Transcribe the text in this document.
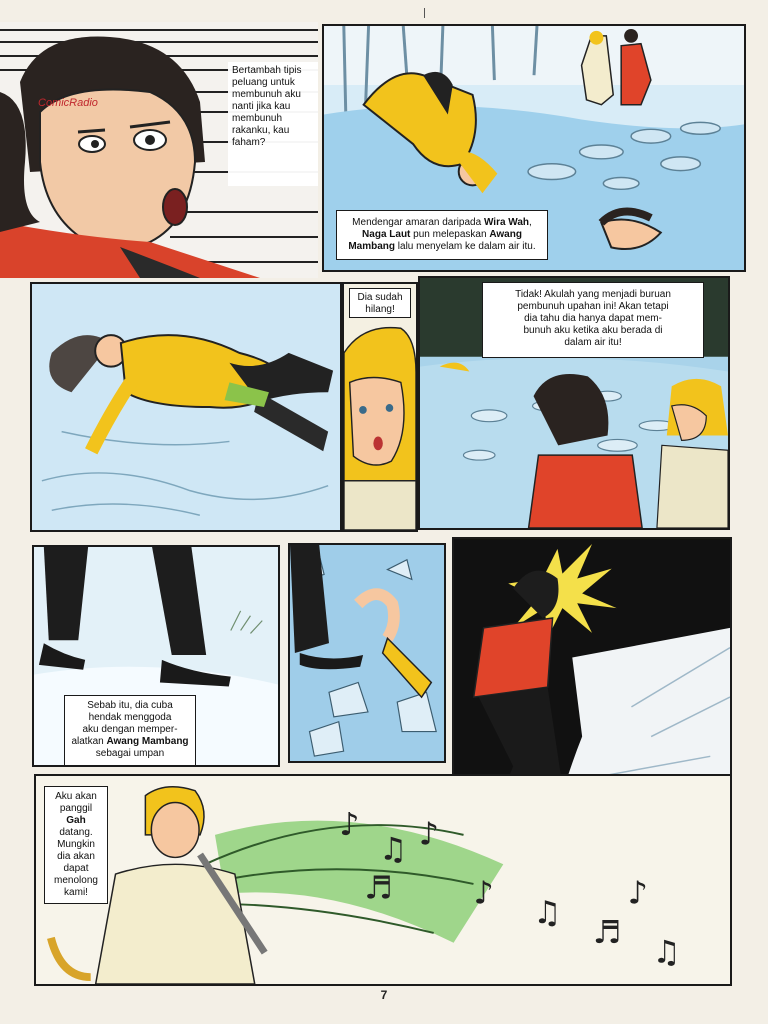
ComicRadio
Bertambah tipis
peluang untuk
membunuh aku
nanti jika kau
membunuh
rakanku, kau
faham?
Mendengar amaran daripada Wira Wah, Naga Laut pun melepaskan Awang Mambang lalu menyelam ke dalam air itu.
Dia sudah
hilang!
Tidak! Akulah yang menjadi buruan
pembunuh upahan ini! Akan tetapi
dia tahu dia hanya dapat mem-
bunuh aku ketika aku berada di
dalam air itu!
Sebab itu, dia cuba
hendak menggoda
aku dengan memper-
alatkan Awang Mambang
sebagai umpan
♪
♫ ♪
♬	♪
♫
♬
♫
♪
Aku akan
panggil
Gah datang.
Mungkin
dia akan
dapat
menolong
kami!
7
